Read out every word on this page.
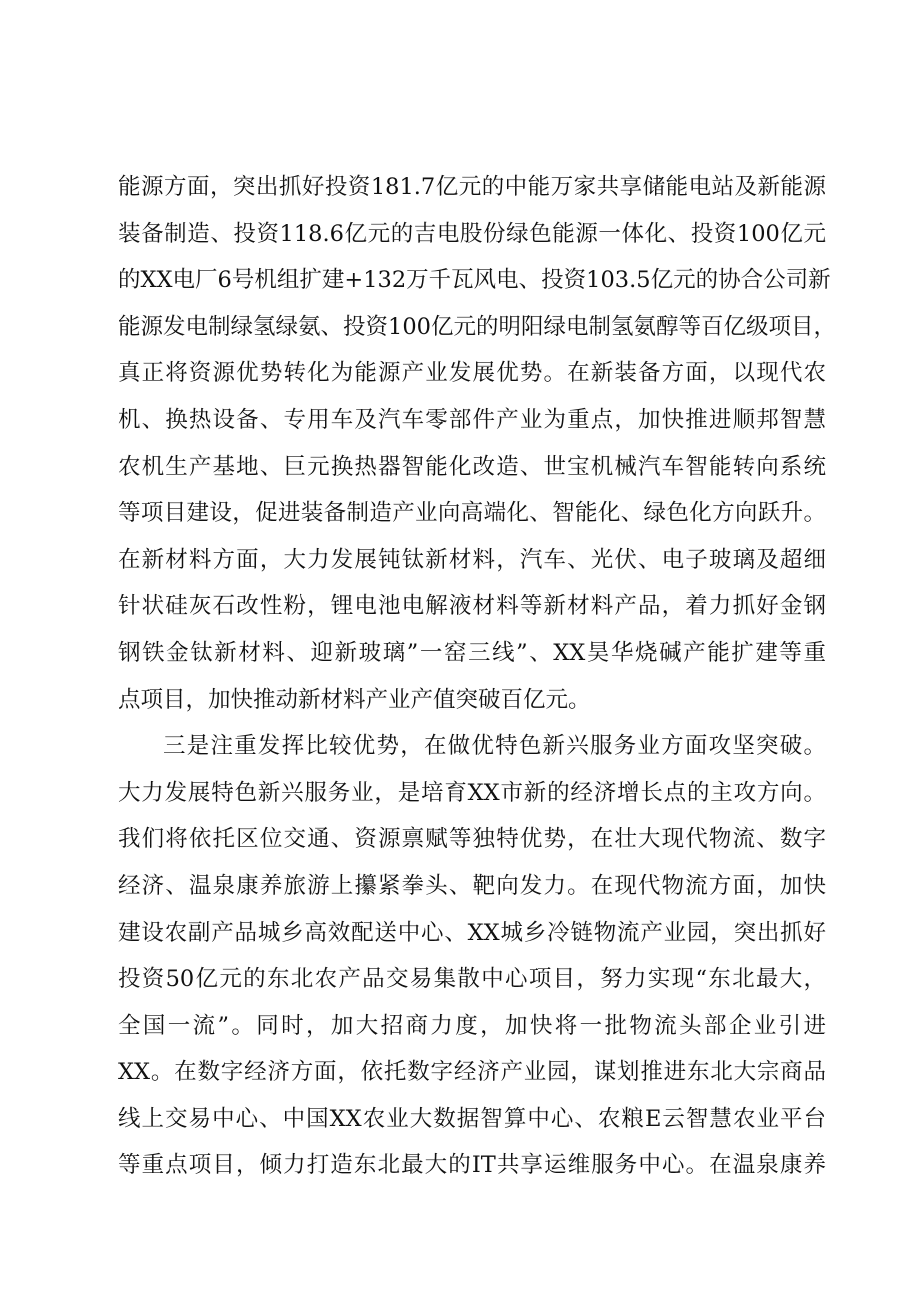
能源方面，突出抓好投资181.7亿元的中能万家共享储能电站及新能源
装备制造、投资118.6亿元的吉电股份绿色能源一体化、投资100亿元
的XX电厂6号机组扩建+132万千瓦风电、投资103.5亿元的协合公司新
能源发电制绿氢绿氨、投资100亿元的明阳绿电制氢氨醇等百亿级项目，
真正将资源优势转化为能源产业发展优势。在新装备方面，以现代农
机、换热设备、专用车及汽车零部件产业为重点，加快推进顺邦智慧
农机生产基地、巨元换热器智能化改造、世宝机械汽车智能转向系统
等项目建设，促进装备制造产业向高端化、智能化、绿色化方向跃升。
在新材料方面，大力发展钝钛新材料，汽车、光伏、电子玻璃及超细
针状硅灰石改性粉，锂电池电解液材料等新材料产品，着力抓好金钢
钢铁金钛新材料、迎新玻璃”一窑三线”、XX昊华烧碱产能扩建等重
点项目，加快推动新材料产业产值突破百亿元。
三是注重发挥比较优势，在做优特色新兴服务业方面攻坚突破。
大力发展特色新兴服务业，是培育XX市新的经济增长点的主攻方向。
我们将依托区位交通、资源禀赋等独特优势，在壮大现代物流、数字
经济、温泉康养旅游上攥紧拳头、靶向发力。在现代物流方面，加快
建设农副产品城乡高效配送中心、XX城乡冷链物流产业园，突出抓好
投资50亿元的东北农产品交易集散中心项目，努力实现“东北最大，
全国一流”。同时，加大招商力度，加快将一批物流头部企业引进
XX。在数字经济方面，依托数字经济产业园，谋划推进东北大宗商品
线上交易中心、中国XX农业大数据智算中心、农粮E云智慧农业平台
等重点项目，倾力打造东北最大的IT共享运维服务中心。在温泉康养
